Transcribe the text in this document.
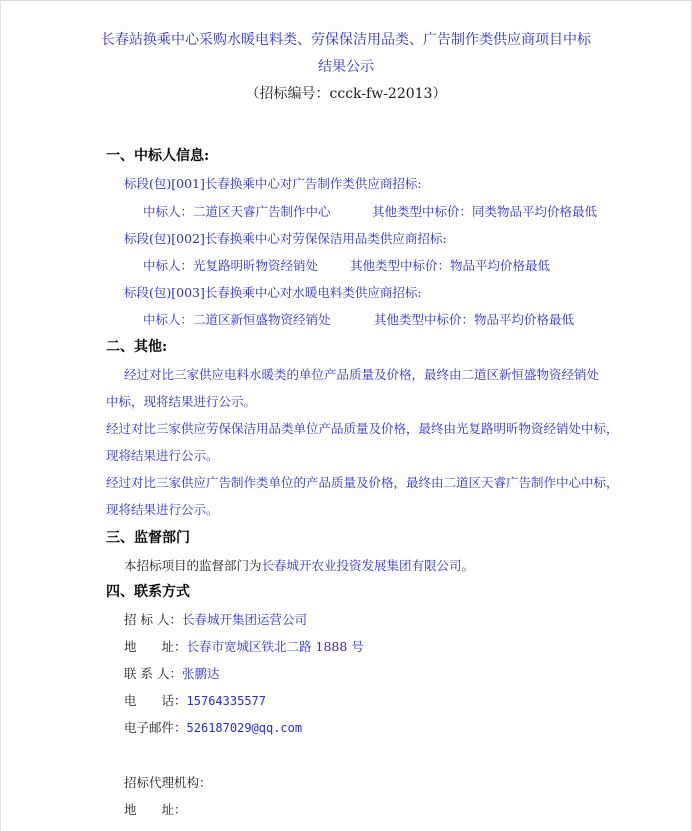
长春站换乘中心采购水暖电料类、劳保保洁用品类、广告制作类供应商项目中标
结果公示
（招标编号：ccck-fw-22013）
一、中标人信息:
标段(包)[001]长春换乘中心对广告制作类供应商招标:
中标人：二道区天睿广告制作中心	其他类型中标价：同类物品平均价格最低
标段(包)[002]长春换乘中心对劳保保洁用品类供应商招标:
中标人：光复路明昕物资经销处	其他类型中标价：物品平均价格最低
标段(包)[003]长春换乘中心对水暖电料类供应商招标:
中标人：二道区新恒盛物资经销处	其他类型中标价：物品平均价格最低
二、其他:
经过对比三家供应电料水暖类的单位产品质量及价格，最终由二道区新恒盛物资经销处
中标，现将结果进行公示。
经过对比三家供应劳保保洁用品类单位产品质量及价格，最终由光复路明昕物资经销处中标，
现将结果进行公示。
经过对比三家供应广告制作类单位的产品质量及价格，最终由二道区天睿广告制作中心中标，
现将结果进行公示。
三、监督部门
本招标项目的监督部门为长春城开农业投资发展集团有限公司。
四、联系方式
招 标 人：长春城开集团运营公司
地　　址：长春市宽城区铁北二路 1888 号
联 系 人：张鹏达
电　　话：15764335577
电子邮件：526187029@qq.com
招标代理机构：
地　　址：
